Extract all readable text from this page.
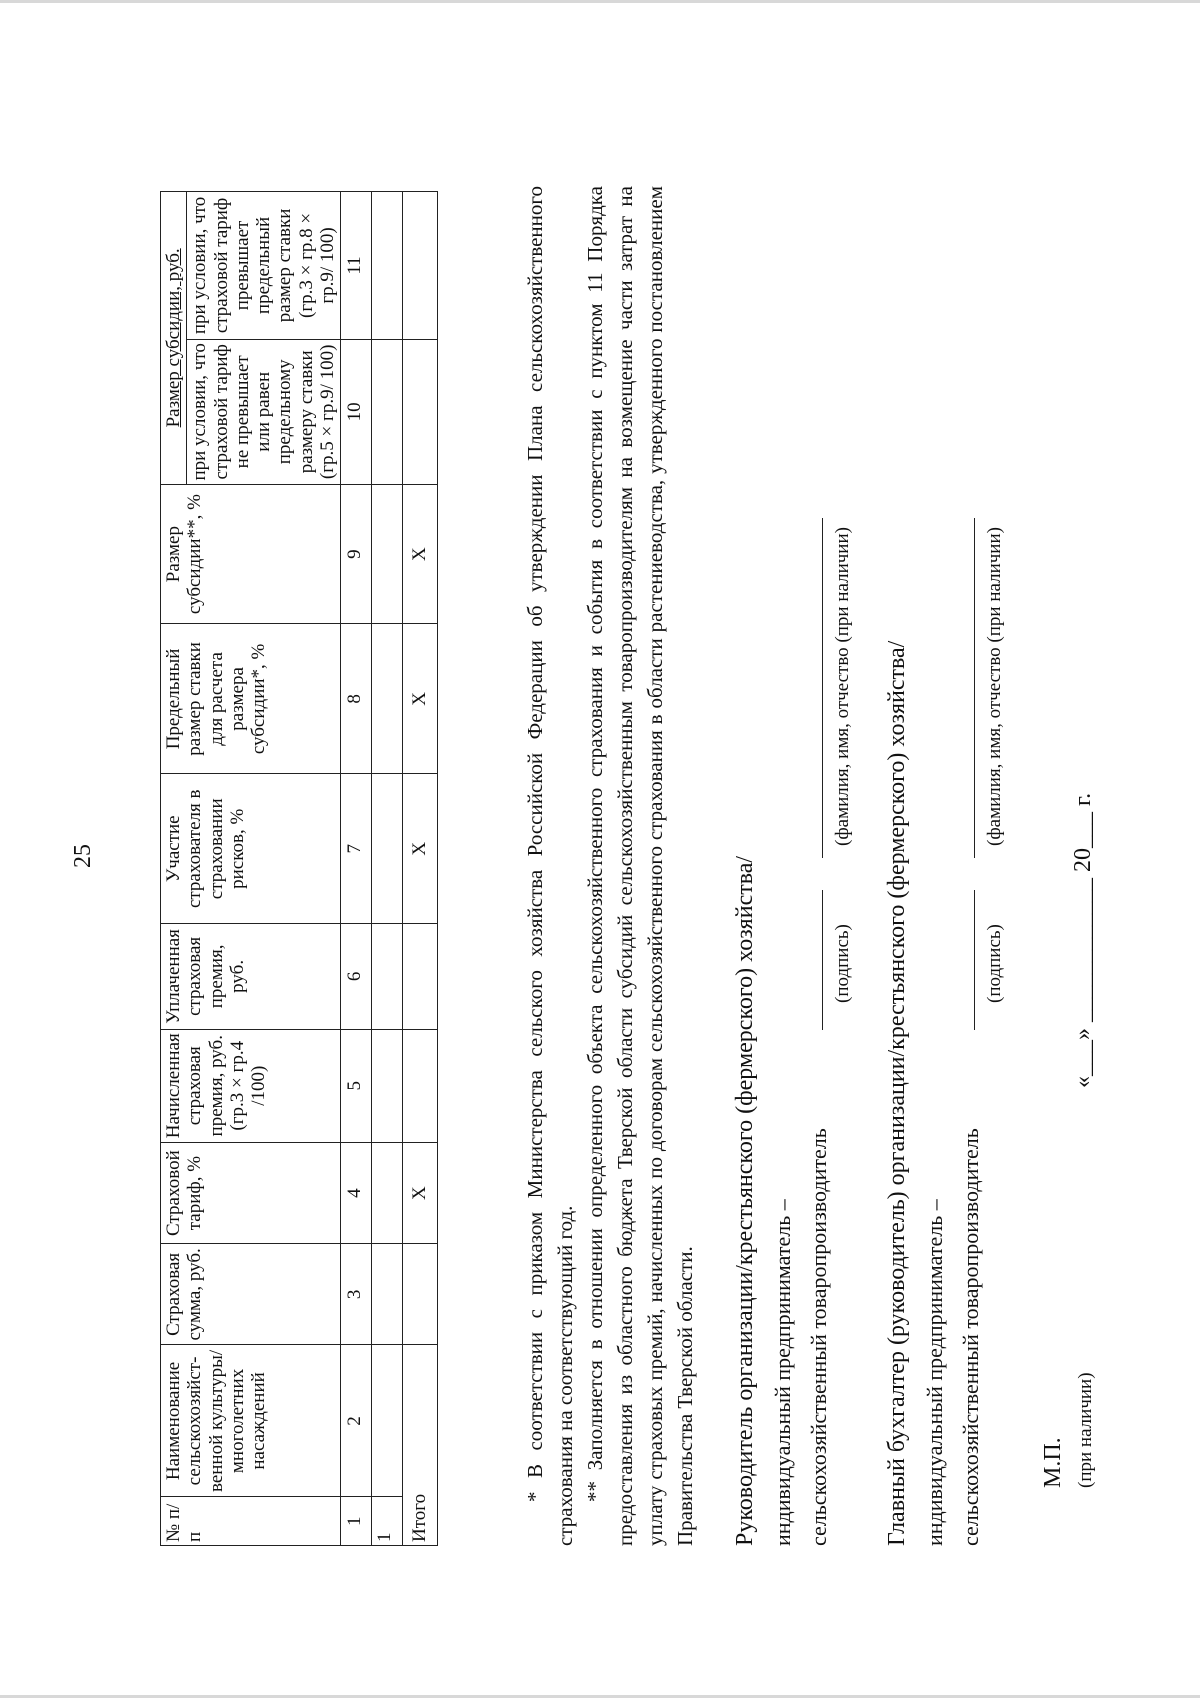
25
№ п/п	Наименование сельскохозяйст-венной культуры/ многолетних насаждений	Страховая сумма, руб.	Страховой тариф, %	Начисленная страховая премия, руб. (гр.3 × гр.4 /100)	Уплаченная страховая премия, руб.	Участие страхователя в страховании рисков, %	Предельный размер ставки для расчета размера субсидии*, %	Размер субсидии**, %	Размер субсидии, руб.	
									при условии, что страховой тариф не превышает или равен предельному размеру ставки (гр.5 × гр.9/ 100)	при условии, что страховой тариф превышает предельный размер ставки (гр.3 × гр.8 × гр.9/ 100)
1	2	3	4	5	6	7	8	9	10	11
1										
Итого			X			X	X	X			* В соответствии с приказом Министерства сельского хозяйства Российской Федерации об утверждении Плана сельскохозяйственного страхования на соответствующий год. ** Заполняется в отношении определенного объекта сельскохозяйственного страхования и события в соответствии с пунктом 11 Порядка предоставления из областного бюджета Тверской области субсидий сельскохозяйственным товаропроизводителям на возмещение части затрат на уплату страховых премий, начисленных по договорам сельскохозяйственного страхования в области растениеводства, утвержденного постановлением Правительства Тверской области. Руководитель организации/крестьянского (фермерского) хозяйства/ индивидуальный предприниматель – сельскохозяйственный товаропроизводитель
(подпись)
(фамилия, имя, отчество (при наличии) Главный бухгалтер (руководитель) организации/крестьянского (фермерского) хозяйства/ индивидуальный предприниматель – сельскохозяйственный товаропроизводитель
(подпись)
(фамилия, имя, отчество (при наличии)
М.П. (при наличии)
«___» ____________ 20___ г.
